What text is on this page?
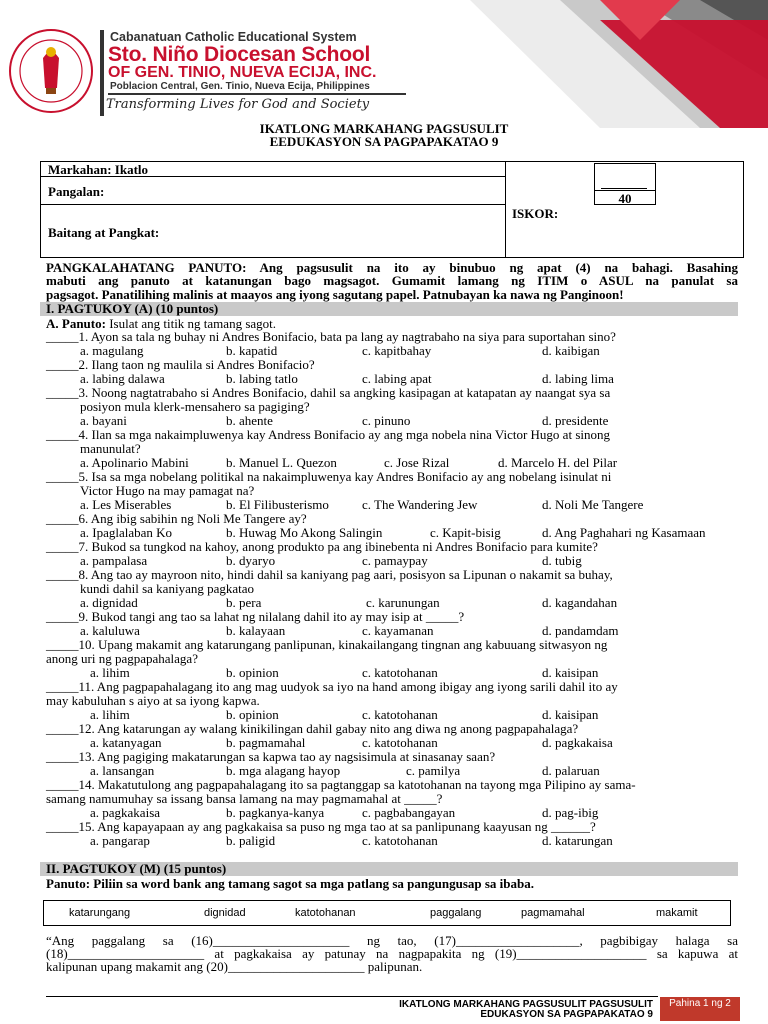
Cabanatuan Catholic Educational System
Sto. Niño Diocesan School
OF GEN. TINIO, NUEVA ECIJA, INC.
Poblacion Central, Gen. Tinio, Nueva Ecija, Philippines
Transforming Lives for God and Society
IKATLONG MARKAHANG PAGSUSULIT
EEDUKASYON SA PAGPAPAKATAO 9
Markahan: Ikatlo
Pangalan:
Baitang at Pangkat:
ISKOR:
40
PANGKALAHATANG PANUTO: Ang pagsusulit na ito ay binubuo ng apat (4) na bahagi. Basahing
mabuti ang panuto at katanungan bago magsagot. Gumamit lamang ng ITIM o ASUL na panulat sa
pagsagot. Panatilihing malinis at maayos ang iyong sagutang papel. Patnubayan ka nawa ng Panginoon!
I. PAGTUKOY (A) (10 puntos)
A. Panuto: Isulat ang titik ng tamang sagot.
_____1. Ayon sa tala ng buhay ni Andres Bonifacio, bata pa lang ay nagtrabaho na siya para suportahan sino?
a. magulang	b. kapatid	c. kapitbahay	d. kaibigan
_____2. Ilang taon ng maulila si Andres Bonifacio?
a. labing dalawa	b. labing tatlo	c. labing apat	d. labing lima
_____3. Noong nagtatrabaho si Andres Bonifacio, dahil sa angking kasipagan at katapatan ay naangat sya sa
posiyon mula klerk-mensahero sa pagiging?
a. bayani	b. ahente	c. pinuno	d. presidente
_____4. Ilan sa mga nakaimpluwenya kay Andress Bonifacio ay ang mga nobela nina Victor Hugo at sinong
manunulat?
a. Apolinario Mabini	b. Manuel L. Quezon	c. Jose Rizal	d. Marcelo H. del Pilar
_____5. Isa sa mga nobelang politikal na nakaimpluwenya kay Andres Bonifacio ay ang nobelang isinulat ni
Victor Hugo na may pamagat na?
a. Les Miserables	b. El Filibusterismo	c. The Wandering Jew	d. Noli Me Tangere
_____6. Ang ibig sabihin ng Noli Me Tangere ay?
a. Ipaglalaban Ko	b. Huwag Mo Akong Salingin	c. Kapit-bisig	d. Ang Paghahari ng Kasamaan
_____7. Bukod sa tungkod na kahoy, anong produkto pa ang ibinebenta ni Andres Bonifacio para kumite?
a. pampalasa	b. dyaryo	c. pamaypay	d. tubig
_____8. Ang tao ay mayroon nito, hindi dahil sa kaniyang pag aari, posisyon sa Lipunan o nakamit sa buhay,
kundi dahil sa kaniyang pagkatao
a. dignidad	b. pera	c. karunungan	d. kagandahan
_____9. Bukod tangi ang tao sa lahat ng nilalang dahil ito ay may isip at _____?
a. kaluluwa	b. kalayaan	c. kayamanan	d. pandamdam
_____10. Upang makamit ang katarungang panlipunan, kinakailangang tingnan ang kabuuang sitwasyon ng
anong uri ng pagpapahalaga?
a. lihim	b. opinion	c. katotohanan	d. kaisipan
_____11. Ang pagpapahalagang ito ang mag uudyok sa iyo na hand among ibigay ang iyong sarili dahil ito ay
may kabuluhan s aiyo at sa iyong kapwa.
a. lihim	b. opinion	c. katotohanan	d. kaisipan
_____12. Ang katarungan ay walang kinikilingan dahil gabay nito ang diwa ng anong pagpapahalaga?
a. katanyagan	b. pagmamahal	c. katotohanan	d. pagkakaisa
_____13. Ang pagiging makatarungan sa kapwa tao ay nagsisimula at sinasanay saan?
a. lansangan	b. mga alagang hayop	c. pamilya	d. palaruan
_____14. Makatutulong ang pagpapahalagang ito sa pagtanggap sa katotohanan na tayong mga Pilipino ay sama-
samang namumuhay sa issang bansa lamang na may pagmamahal at _____?
a. pagkakaisa	b. pagkanya-kanya	c. pagbabangayan	d. pag-ibig
_____15. Ang kapayapaan ay ang pagkakaisa sa puso ng mga tao at sa panlipunang kaayusan ng ______?
a. pangarap	b. paligid	c. katotohanan	d. katarungan
II. PAGTUKOY (M) (15 puntos)
Panuto: Piliin sa word bank ang tamang sagot sa mga patlang sa pangungusap sa ibaba.
katarungang	dignidad	katotohanan	paggalang	pagmamahal	makamit
“Ang paggalang sa (16)_____________________ ng tao, (17)___________________, pagbibigay halaga sa
(18)_____________________ at pagkakaisa ay patunay na nagpapakita ng (19)____________________ sa kapuwa at
kalipunan upang makamit ang (20)_____________________ palipunan.
IKATLONG MARKAHANG PAGSUSULIT PAGSUSULIT
EDUKASYON SA PAGPAPAKATAO 9
Pahina 1 ng 2
